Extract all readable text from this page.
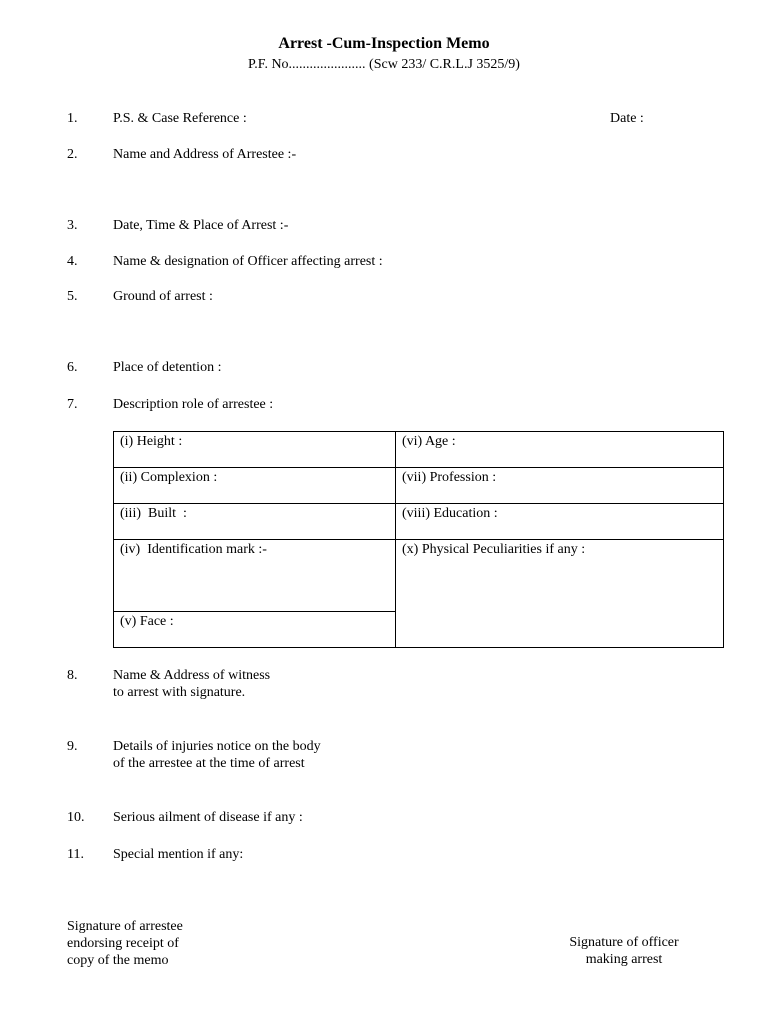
Arrest -Cum-Inspection Memo
P.F. No...................... (Scw 233/ C.R.L.J 3525/9)
1.	P.S. & Case Reference :	Date :
2.	Name and Address of Arrestee :-
3.	Date, Time & Place of Arrest :-
4.	Name & designation of Officer affecting arrest :
5.	Ground of arrest :
6.	Place of detention :
7.	Description role of arrestee :
(i) Height :	(vi) Age :
(ii) Complexion :	(vii) Profession :
(iii)  Built  :	(viii) Education :
(iv)  Identification mark :-	(x) Physical Peculiarities if any :
(v) Face :
8.	Name & Address of witness
to arrest with signature.
9.	Details of injuries notice on the body
of the arrestee at the time of arrest
10. Serious ailment of disease if any :
11. Special mention if any:
Signature of arrestee
endorsing receipt of
copy of the memo
Signature of officer
making arrest
